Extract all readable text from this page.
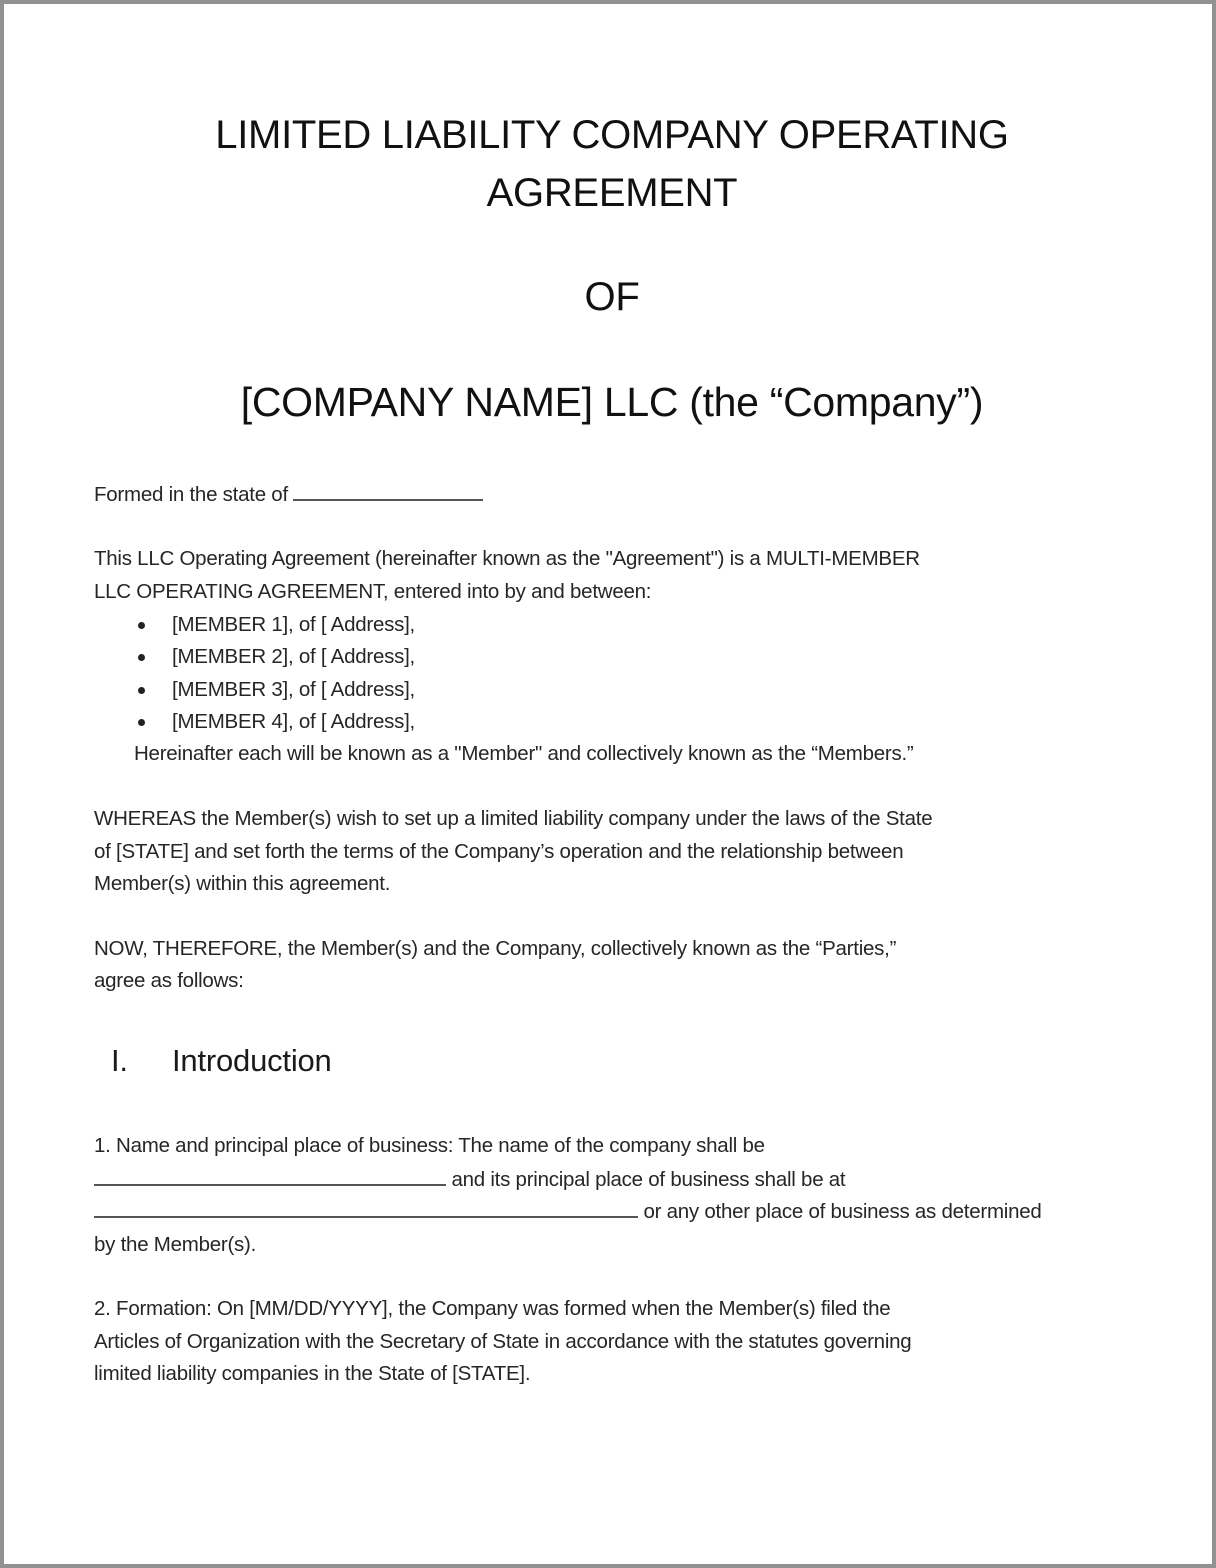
LIMITED LIABILITY COMPANY OPERATING
AGREEMENT
OF
[COMPANY NAME] LLC (the “Company”)
Formed in the state of
This LLC Operating Agreement (hereinafter known as the "Agreement") is a MULTI-MEMBER
LLC OPERATING AGREEMENT, entered into by and between:
[MEMBER 1], of [ Address],
[MEMBER 2], of [ Address],
[MEMBER 3], of [ Address],
[MEMBER 4], of [ Address],
Hereinafter each will be known as a "Member" and collectively known as the “Members.”
WHEREAS the Member(s) wish to set up a limited liability company under the laws of the State
of [STATE] and set forth the terms of the Company’s operation and the relationship between
Member(s) within this agreement.
NOW, THEREFORE, the Member(s) and the Company, collectively known as the “Parties,”
agree as follows:
I. Introduction
1. Name and principal place of business: The name of the company shall be
and its principal place of business shall be at
or any other place of business as determined
by the Member(s).
2. Formation: On [MM/DD/YYYY], the Company was formed when the Member(s) filed the
Articles of Organization with the Secretary of State in accordance with the statutes governing
limited liability companies in the State of [STATE].
